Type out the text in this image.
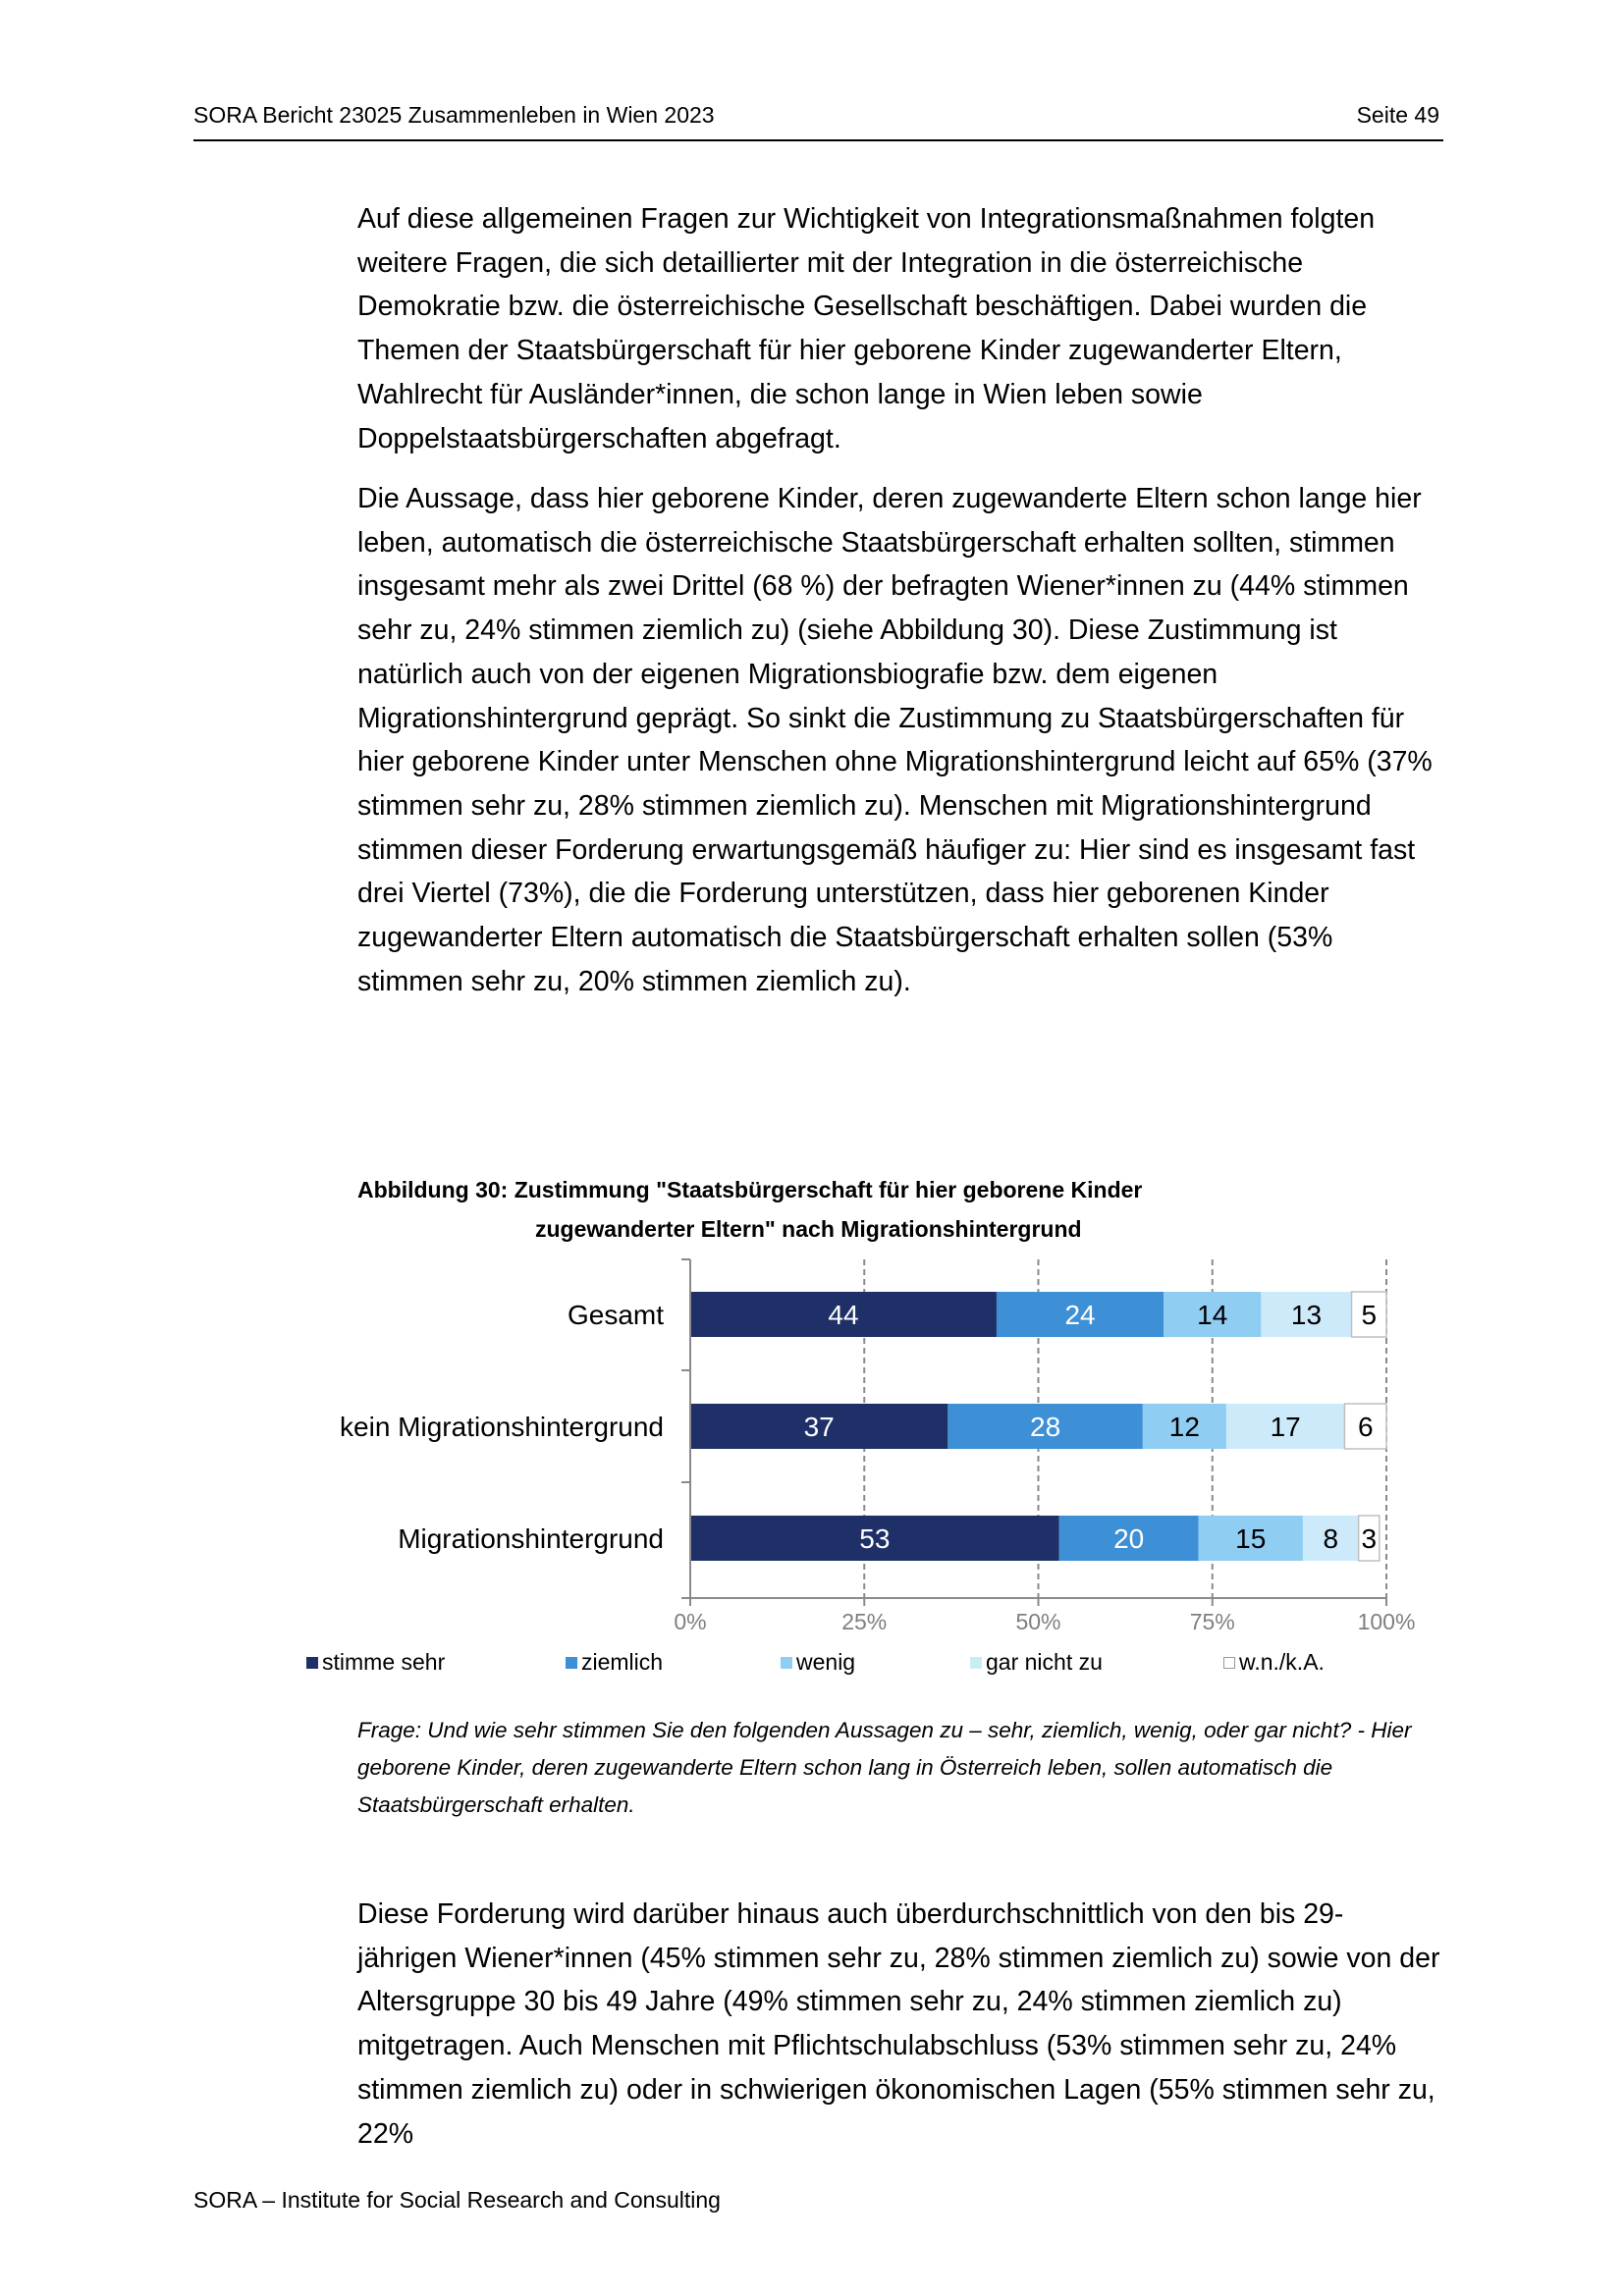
SORA Bericht 23025 Zusammenleben in Wien 2023	Seite 49

Auf diese allgemeinen Fragen zur Wichtigkeit von Integrationsmaßnahmen folgten weitere Fragen, die sich detaillierter mit der Integration in die österreichische Demokratie bzw. die österreichische Gesellschaft beschäftigen. Dabei wurden die Themen der Staatsbürgerschaft für hier geborene Kinder zugewanderter Eltern, Wahlrecht für Ausländer*innen, die schon lange in Wien leben sowie Doppelstaatsbürgerschaften abgefragt.

Die Aussage, dass hier geborene Kinder, deren zugewanderte Eltern schon lange hier leben, automatisch die österreichische Staatsbürgerschaft erhalten sollten, stimmen insgesamt mehr als zwei Drittel (68 %) der befragten Wiener*innen zu (44% stimmen sehr zu, 24% stimmen ziemlich zu) (siehe Abbildung 30). Diese Zustimmung ist natürlich auch von der eigenen Migrationsbiografie bzw. dem eigenen Migrationshintergrund geprägt. So sinkt die Zustimmung zu Staatsbürgerschaften für hier geborene Kinder unter Menschen ohne Migrationshintergrund leicht auf 65% (37% stimmen sehr zu, 28% stimmen ziemlich zu). Menschen mit Migrationshintergrund stimmen dieser Forderung erwartungsgemäß häufiger zu: Hier sind es insgesamt fast drei Viertel (73%), die die Forderung unterstützen, dass hier geborenen Kinder zugewanderter Eltern automatisch die Staatsbürgerschaft erhalten sollen (53% stimmen sehr zu, 20% stimmen ziemlich zu).

Abbildung 30: Zustimmung "Staatsbürgerschaft für hier geborene Kinder
zugewanderter Eltern" nach Migrationshintergrund
44	24	14 13 5
Gesamt
37	28	12	17 6
kein Migrationshintergrund
53	20	15 8 3
Migrationshintergrund
0%	25%	50%	75%	100%
stimme sehr	ziemlich	wenig	gar nicht zu	w.n./k.A.
Frage: Und wie sehr stimmen Sie den folgenden Aussagen zu – sehr, ziemlich, wenig, oder gar nicht? - Hier geborene Kinder, deren zugewanderte Eltern schon lang in Österreich leben, sollen automatisch die Staatsbürgerschaft erhalten.

Diese Forderung wird darüber hinaus auch überdurchschnittlich von den bis 29-jährigen Wiener*innen (45% stimmen sehr zu, 28% stimmen ziemlich zu) sowie von der Altersgruppe 30 bis 49 Jahre (49% stimmen sehr zu, 24% stimmen ziemlich zu) mitgetragen. Auch Menschen mit Pflichtschulabschluss (53% stimmen sehr zu, 24% stimmen ziemlich zu) oder in schwierigen ökonomischen Lagen (55% stimmen sehr zu, 22%

SORA – Institute for Social Research and Consulting
